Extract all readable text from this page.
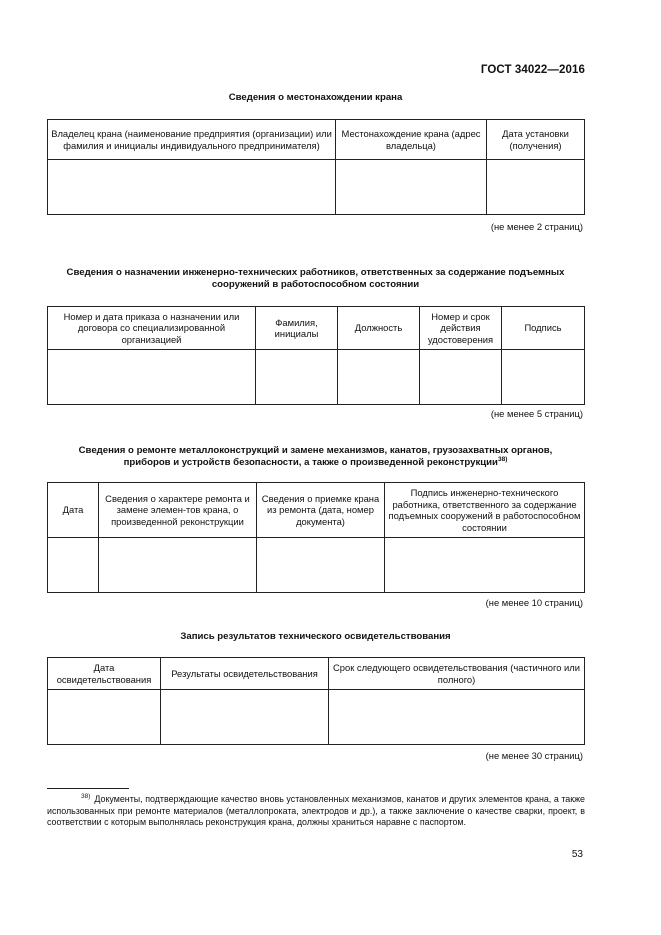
ГОСТ 34022—2016
Сведения о местонахождении крана
Владелец крана (наименование предприятия (организации) или фамилия и инициалы индивидуального предпринимателя)	Местонахождение крана (адрес владельца)	Дата установки (получения)

(не менее 2 страниц)
Сведения о назначении инженерно-технических работников, ответственных за содержание подъемных
сооружений в работоспособном состоянии
Номер и дата приказа о назначении или договора со специализированной организацией	Фамилия, инициалы	Должность	Номер и срок действия удостоверения	Подпись

(не менее 5 страниц)
Сведения о ремонте металлоконструкций и замене механизмов, канатов, грузозахватных органов,
приборов и устройств безопасности, а также о произведенной реконструкции$^{38)}$
Дата	Сведения о характере ремонта и замене элемен-тов крана, о произведенной реконструкции	Сведения о приемке крана из ремонта (дата, номер документа)	Подпись инженерно-технического работника, ответственного за содержание подъемных сооружений в работоспособном состоянии

(не менее 10 страниц)
Запись результатов технического освидетельствования
Дата освидетельствования	Результаты освидетельствования	Срок следующего освидетельствования (частичного или полного)

(не менее 30 страниц)
$^{38)}$ Документы, подтверждающие качество вновь установленных механизмов, канатов и других элементов крана, а также использованных при ремонте материалов (металлопроката, электродов и др.), а также заключение о качестве сварки, проект, в соответствии с которым выполнялась реконструкция крана, должны храниться наравне с паспортом.
53
